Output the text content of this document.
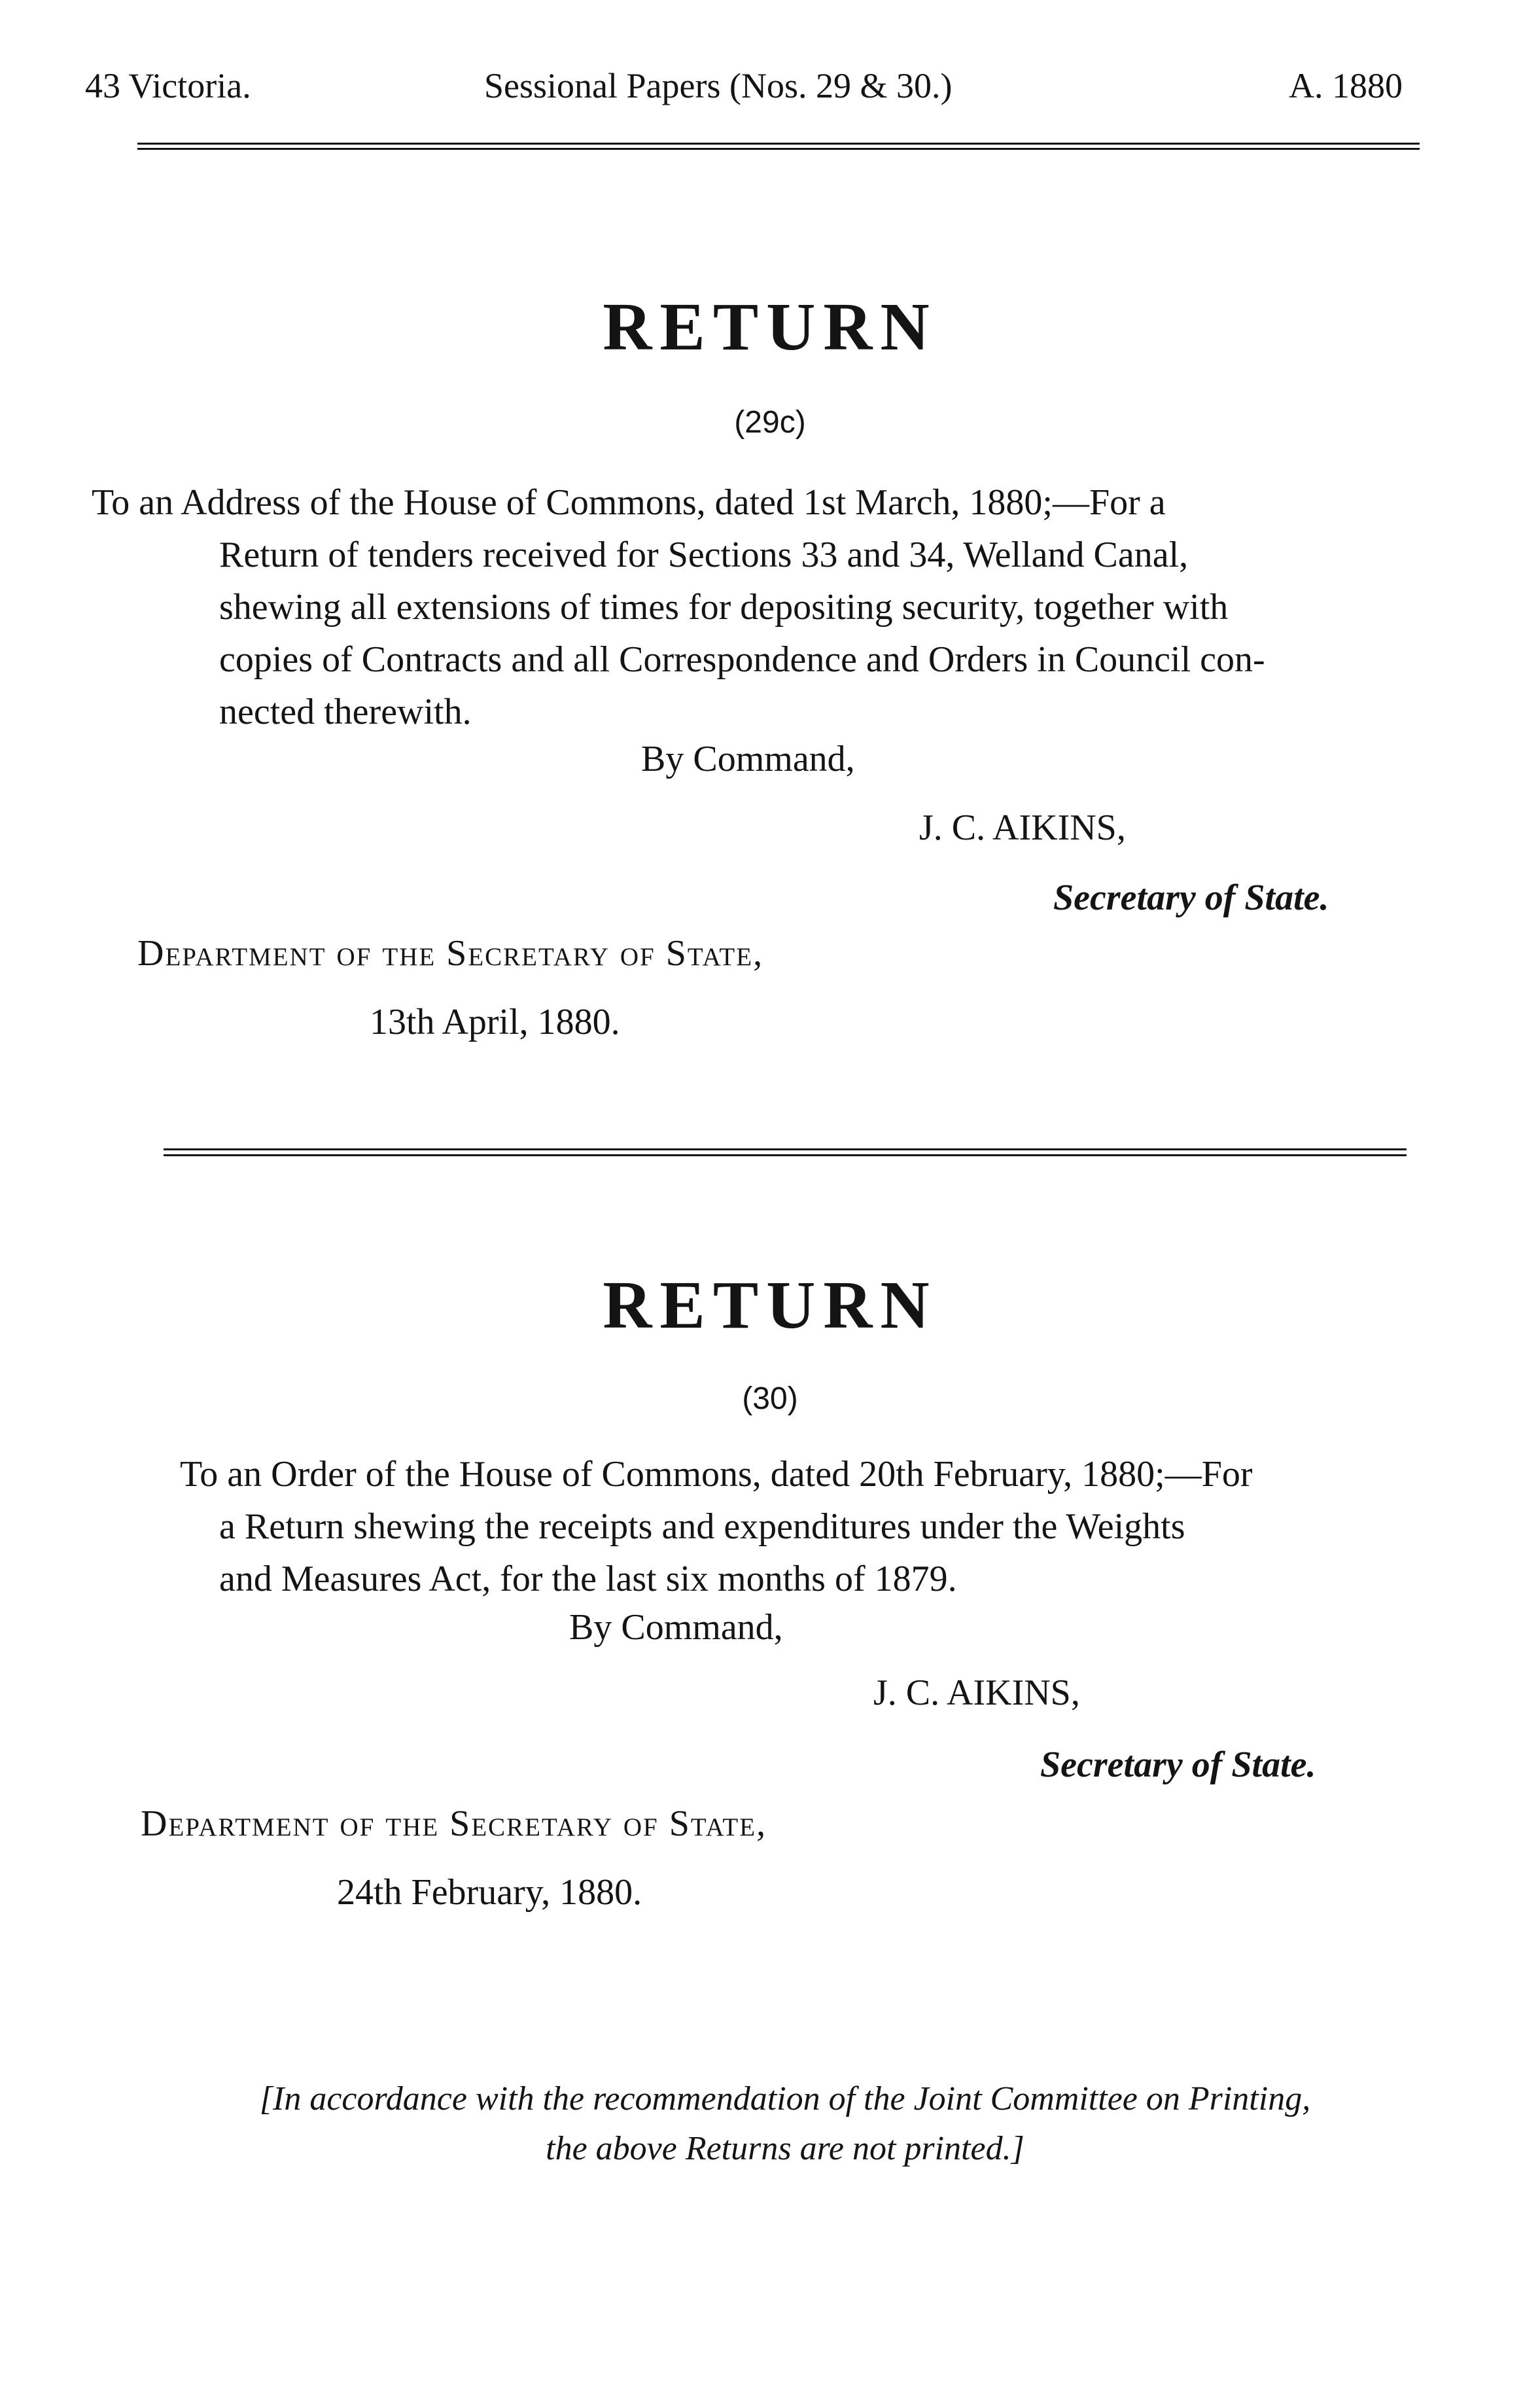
43 Victoria.	Sessional Papers (Nos. 29 & 30.)	A. 1880
RETURN
(29c)
To an Address of the House of Commons, dated 1st March, 1880;—For a
Return of tenders received for Sections 33 and 34, Welland Canal,
shewing all extensions of times for depositing security, together with
copies of Contracts and all Correspondence and Orders in Council con-
nected therewith.
By Command,
J. C. AIKINS,
Secretary of State.
Department of the Secretary of State,
13th April, 1880.
RETURN
(30)
To an Order of the House of Commons, dated 20th February, 1880;—For
a Return shewing the receipts and expenditures under the Weights
and Measures Act, for the last six months of 1879.
By Command,
J. C. AIKINS,
Secretary of State.
Department of the Secretary of State,
24th February, 1880.
[In accordance with the recommendation of the Joint Committee on Printing,
the above Returns are not printed.]
